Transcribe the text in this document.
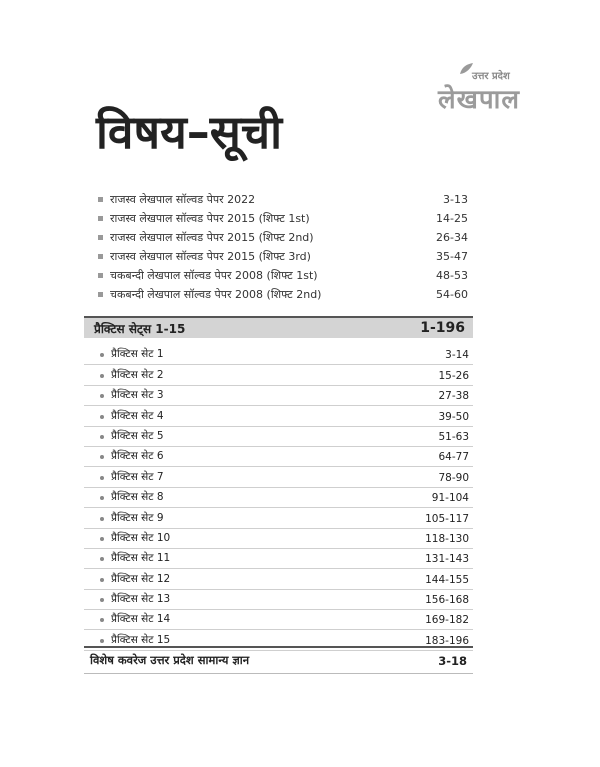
उत्तर प्रदेश
लेखपाल
विषय–सूची
राजस्व लेखपाल सॉल्वड पेपर 2022	3-13
राजस्व लेखपाल सॉल्वड पेपर 2015 (शिफ्ट 1st)	14-25
राजस्व लेखपाल सॉल्वड पेपर 2015 (शिफ्ट 2nd)	26-34
राजस्व लेखपाल सॉल्वड पेपर 2015 (शिफ्ट 3rd)	35-47
चकबन्दी लेखपाल सॉल्वड पेपर 2008 (शिफ्ट 1st)	48-53
चकबन्दी लेखपाल सॉल्वड पेपर 2008 (शिफ्ट 2nd)	54-60
प्रैक्टिस सेट्स 1-15	1-196
प्रैक्टिस सेट 1	3-14
प्रैक्टिस सेट 2	15-26
प्रैक्टिस सेट 3	27-38
प्रैक्टिस सेट 4	39-50
प्रैक्टिस सेट 5	51-63
प्रैक्टिस सेट 6	64-77
प्रैक्टिस सेट 7	78-90
प्रैक्टिस सेट 8	91-104
प्रैक्टिस सेट 9	105-117
प्रैक्टिस सेट 10	118-130
प्रैक्टिस सेट 11	131-143
प्रैक्टिस सेट 12	144-155
प्रैक्टिस सेट 13	156-168
प्रैक्टिस सेट 14	169-182
प्रैक्टिस सेट 15	183-196
विशेष कवरेज उत्तर प्रदेश सामान्य ज्ञान	3-18
